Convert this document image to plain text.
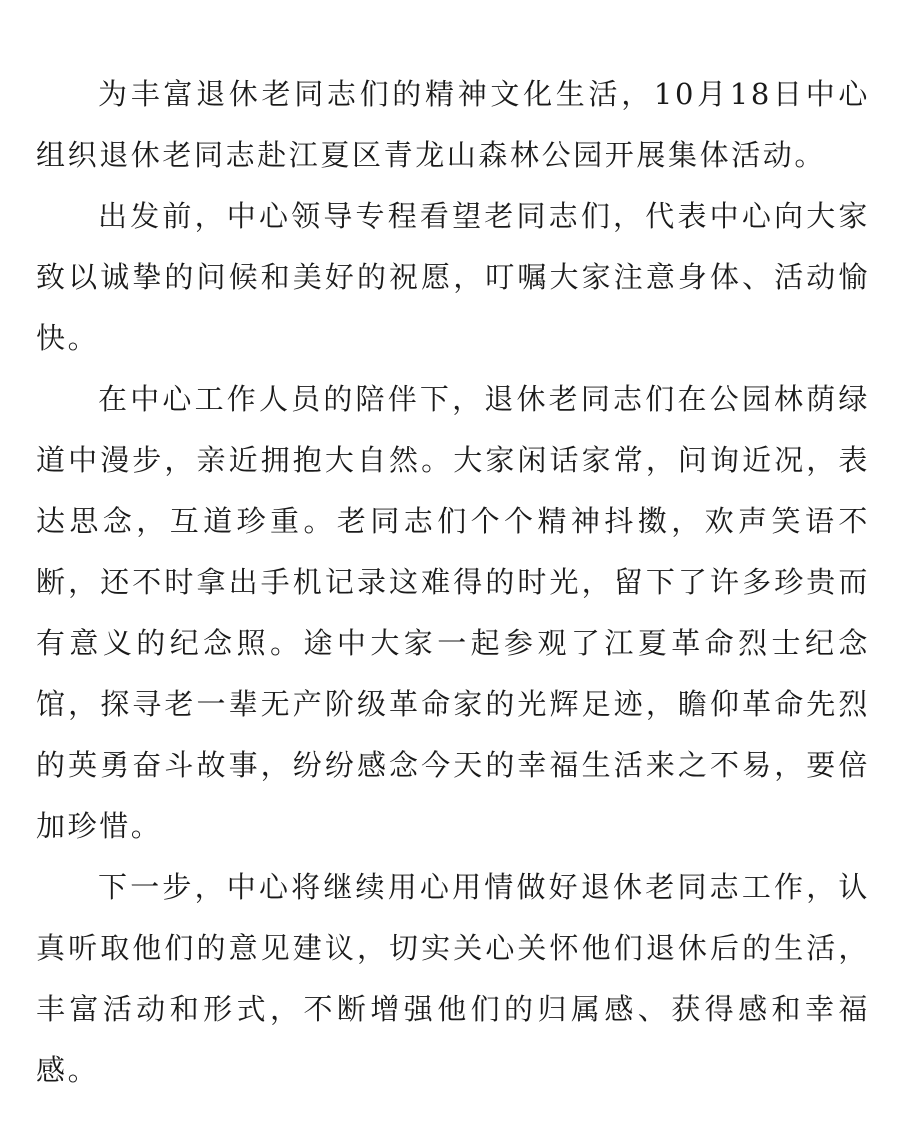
为丰富退休老同志们的精神文化生活，10月18日中心组织退休老同志赴江夏区青龙山森林公园开展集体活动。

出发前，中心领导专程看望老同志们，代表中心向大家致以诚挚的问候和美好的祝愿，叮嘱大家注意身体、活动愉快。

在中心工作人员的陪伴下，退休老同志们在公园林荫绿道中漫步，亲近拥抱大自然。大家闲话家常，问询近况，表达思念，互道珍重。老同志们个个精神抖擞，欢声笑语不断，还不时拿出手机记录这难得的时光，留下了许多珍贵而有意义的纪念照。途中大家一起参观了江夏革命烈士纪念馆，探寻老一辈无产阶级革命家的光辉足迹，瞻仰革命先烈的英勇奋斗故事，纷纷感念今天的幸福生活来之不易，要倍加珍惜。

下一步，中心将继续用心用情做好退休老同志工作，认真听取他们的意见建议，切实关心关怀他们退休后的生活，丰富活动和形式，不断增强他们的归属感、获得感和幸福感。
